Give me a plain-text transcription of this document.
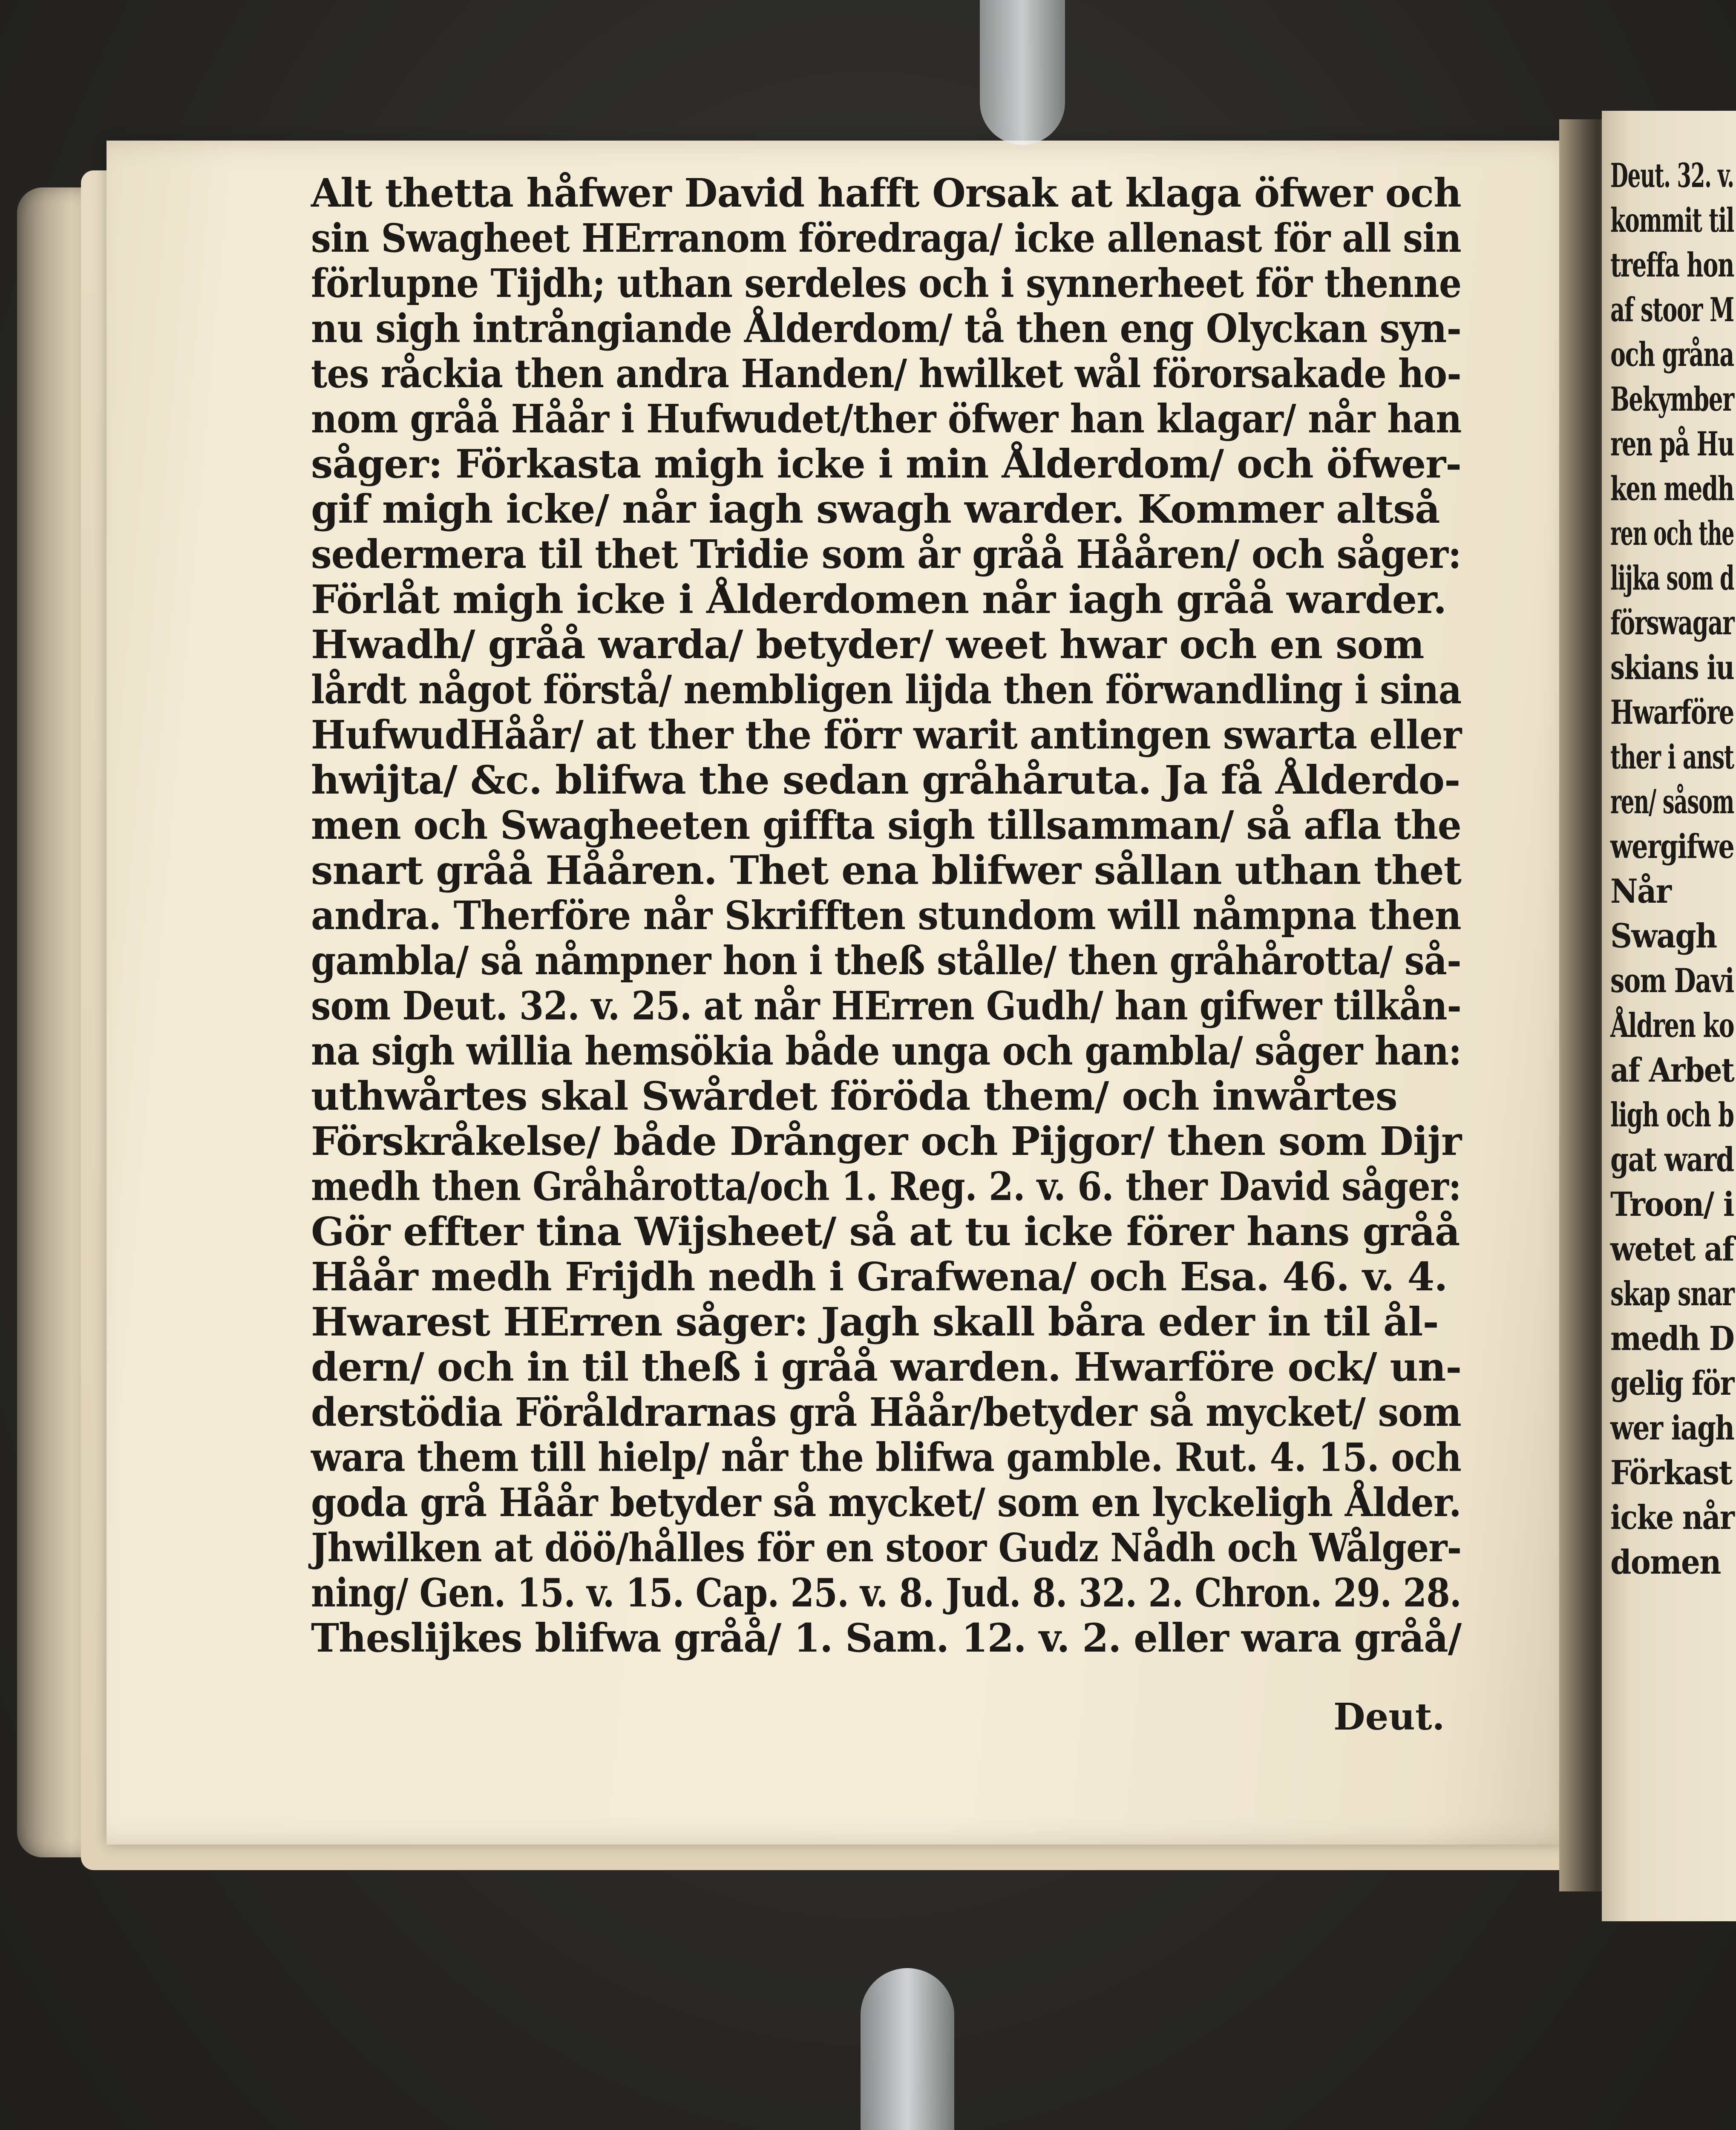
Alt thetta håfwer David hafft Orsak at klaga öfwer och
sin Swagheet HErranom föredraga/ icke allenast för all sin
förlupne Tijdh; uthan serdeles och i synnerheet för thenne
nu sigh intrångiande Ålderdom/ tå then eng Olyckan syn-
tes råckia then andra Handen/ hwilket wål förorsakade ho-
nom gråå Håår i Hufwudet/ther öfwer han klagar/ når han
såger: Förkasta migh icke i min Ålderdom/ och öfwer-
gif migh icke/ når iagh swagh warder. Kommer altså
sedermera til thet Tridie som år gråå Hååren/ och såger:
Förlåt migh icke i Ålderdomen når iagh gråå warder.
Hwadh/ gråå warda/ betyder/ weet hwar och en som
lårdt något förstå/ nembligen lijda then förwandling i sina
HufwudHåår/ at ther the förr warit antingen swarta eller
hwijta/ &c. blifwa the sedan gråhåruta. Ja få Ålderdo-
men och Swagheeten giffta sigh tillsamman/ så afla the
snart gråå Hååren. Thet ena blifwer sållan uthan thet
andra. Therföre når Skrifften stundom will nåmpna then
gambla/ så nåmpner hon i theß stålle/ then gråhårotta/ så-
som Deut. 32. v. 25. at når HErren Gudh/ han gifwer tilkån-
na sigh willia hemsökia både unga och gambla/ såger han:
uthwårtes skal Swårdet föröda them/ och inwårtes
Förskråkelse/ både Drånger och Pijgor/ then som Dijr
medh then Gråhårotta/och 1. Reg. 2. v. 6. ther David såger:
Gör effter tina Wijsheet/ så at tu icke förer hans gråå
Håår medh Frijdh nedh i Grafwena/ och Esa. 46. v. 4.
Hwarest HErren såger: Jagh skall båra eder in til ål-
dern/ och in til theß i gråå warden. Hwarföre ock/ un-
derstödia Föråldrarnas grå Håår/betyder så mycket/ som
wara them till hielp/ når the blifwa gamble. Rut. 4. 15. och
goda grå Håår betyder så mycket/ som en lyckeligh Ålder.
Jhwilken at döö/hålles för en stoor Gudz Nådh och Wålger-
ning/ Gen. 15. v. 15. Cap. 25. v. 8. Jud. 8. 32. 2. Chron. 29. 28.
Theslijkes blifwa gråå/ 1. Sam. 12. v. 2. eller wara gråå/
Deut.
Deut. 32. v.
kommit til
treffa hon
af stoor M
och gråna
Bekymber
ren på Hu
ken medh
ren och the
lijka som d
förswagar
skians iu
Hwarföre
ther i anst
ren/ såsom
wergifwe
Når
Swagh
som Davi
Åldren ko
af Arbet
ligh och b
gat ward
Troon/ i
wetet af
skap snar
medh D
gelig för
wer iagh
Förkast
icke når
domen
